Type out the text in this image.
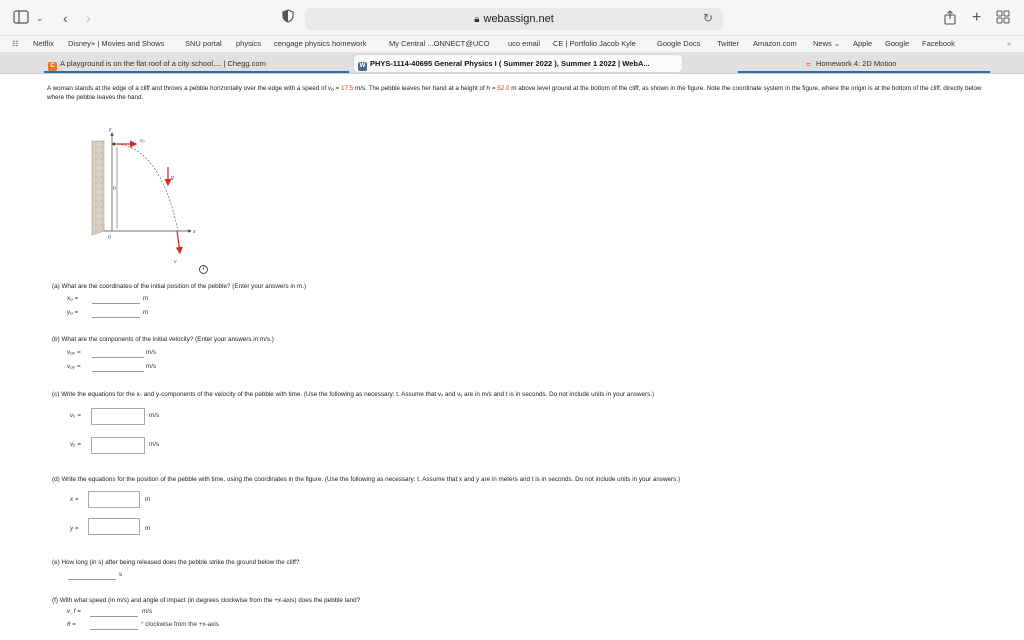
⌄ ‹ ›	🔒︎ webassign.net	↻	+
☷ Netflix Disney+ | Movies and Shows	SNU portal physics cengage physics homework	My Central ...ONNECT@UCO uco email CE | Portfolio Jacob Kyle	Google Docs Twitter Amazon.com News ⌄ Apple Google Facebook	»
C A playground is on the flat roof of a city school,... | Chegg.com	W PHYS-1114-40695 General Physics I ( Summer 2022 ), Summer 1 2022 | WebA...	≈ Homework 4: 2D Motion
A woman stands at the edge of a cliff and throws a pebble horizontally over the edge with a speed of v₀ = 17.5 m/s. The pebble leaves her hand at a height of h = 52.0 m above level ground at the bottom of the cliff, as shown in the figure. Note the coordinate system in the figure, where the origin is at the bottom of the cliff, directly below where the pebble leaves the hand.
y
x
0
h
v₀
g
v
i
(a) What are the coordinates of the initial position of the pebble? (Enter your answers in m.)
x₀ =	m
y₀ =	m
(b) What are the components of the initial velocity? (Enter your answers in m/s.)
v₀ₓ =	m/s
v₀ᵧ =	m/s
(c) Write the equations for the x- and y-components of the velocity of the pebble with time. (Use the following as necessary: t. Assume that vₓ and vᵧ are in m/s and t is in seconds. Do not include units in your answers.)
vₓ =	m/s
vᵧ =	m/s
(d) Write the equations for the position of the pebble with time, using the coordinates in the figure. (Use the following as necessary: t. Assume that x and y are in meters and t is in seconds. Do not include units in your answers.)
x =	m
y =	m
(e) How long (in s) after being released does the pebble strike the ground below the cliff?
s
(f) With what speed (in m/s) and angle of impact (in degrees clockwise from the +x-axis) does the pebble land?
v_f =	m/s
θ =	° clockwise from the +x-axis
